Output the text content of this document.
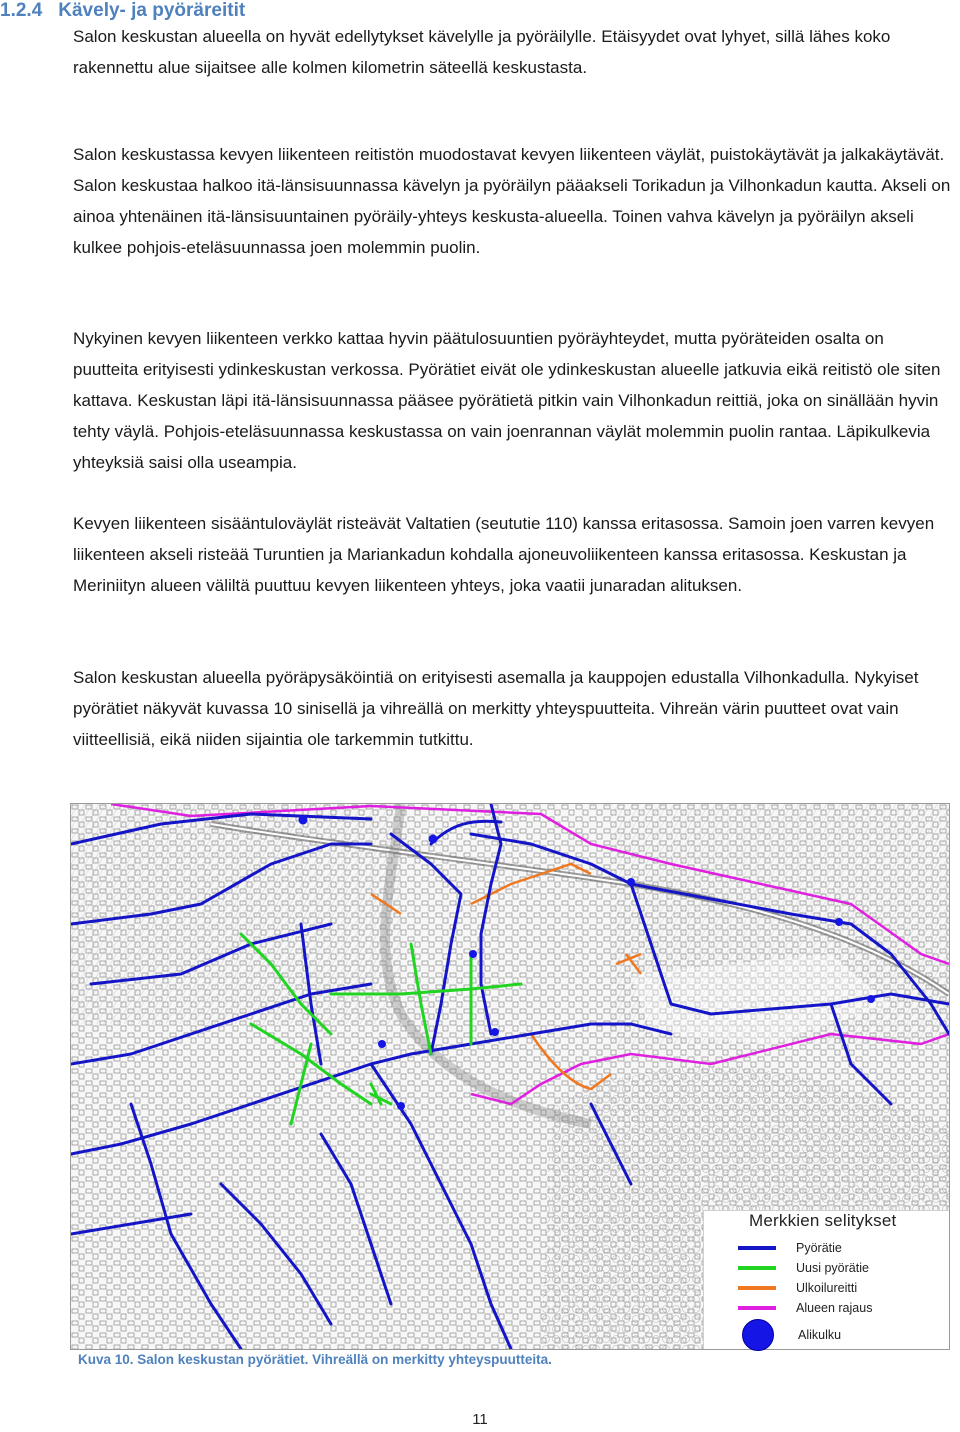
1.2.4 Kävely- ja pyöräreitit

Salon keskustan alueella on hyvät edellytykset kävelylle ja pyöräilylle. Etäisyydet ovat lyhyet, sillä lähes koko rakennettu alue sijaitsee alle kolmen kilometrin säteellä keskustasta.

Salon keskustassa kevyen liikenteen reitistön muodostavat kevyen liikenteen väylät, puistokäytävät ja jalkakäytävät. Salon keskustaa halkoo itä-länsisuunnassa kävelyn ja pyöräilyn pääakseli Torikadun ja Vilhonkadun kautta. Akseli on ainoa yhtenäinen itä-länsisuuntainen pyöräily-yhteys keskusta-alueella. Toinen vahva kävelyn ja pyöräilyn akseli kulkee pohjois-eteläsuunnassa joen molemmin puolin.

Nykyinen kevyen liikenteen verkko kattaa hyvin päätulosuuntien pyöräyhteydet, mutta pyöräteiden osalta on puutteita erityisesti ydinkeskustan verkossa. Pyörätiet eivät ole ydinkeskustan alueelle jatkuvia eikä reitistö ole siten kattava. Keskustan läpi itä-länsisuunnassa pääsee pyörätietä pitkin vain Vilhonkadun reittiä, joka on sinällään hyvin tehty väylä. Pohjois-eteläsuunnassa keskustassa on vain joenrannan väylät molemmin puolin rantaa. Läpikulkevia yhteyksiä saisi olla useampia.

Kevyen liikenteen sisääntuloväylät risteävät Valtatien (seututie 110) kanssa eritasossa. Samoin joen varren kevyen liikenteen akseli risteää Turuntien ja Mariankadun kohdalla ajoneuvoliikenteen kanssa eritasossa. Keskustan ja Meriniityn alueen väliltä puuttuu kevyen liikenteen yhteys, joka vaatii junaradan alituksen.

Salon keskustan alueella pyöräpysäköintiä on erityisesti asemalla ja kauppojen edustalla Vilhonkadulla. Nykyiset pyörätiet näkyvät kuvassa 10 sinisellä ja vihreällä on merkitty yhteyspuutteita. Vihreän värin puutteet ovat vain viitteellisiä, eikä niiden sijaintia ole tarkemmin tutkittu.

Merkkien selitykset
Pyörätie
Uusi pyörätie
Ulkoilureitti
Alueen rajaus
Alikulku
Kuva 10. Salon keskustan pyörätiet. Vihreällä on merkitty yhteyspuutteita.
11
